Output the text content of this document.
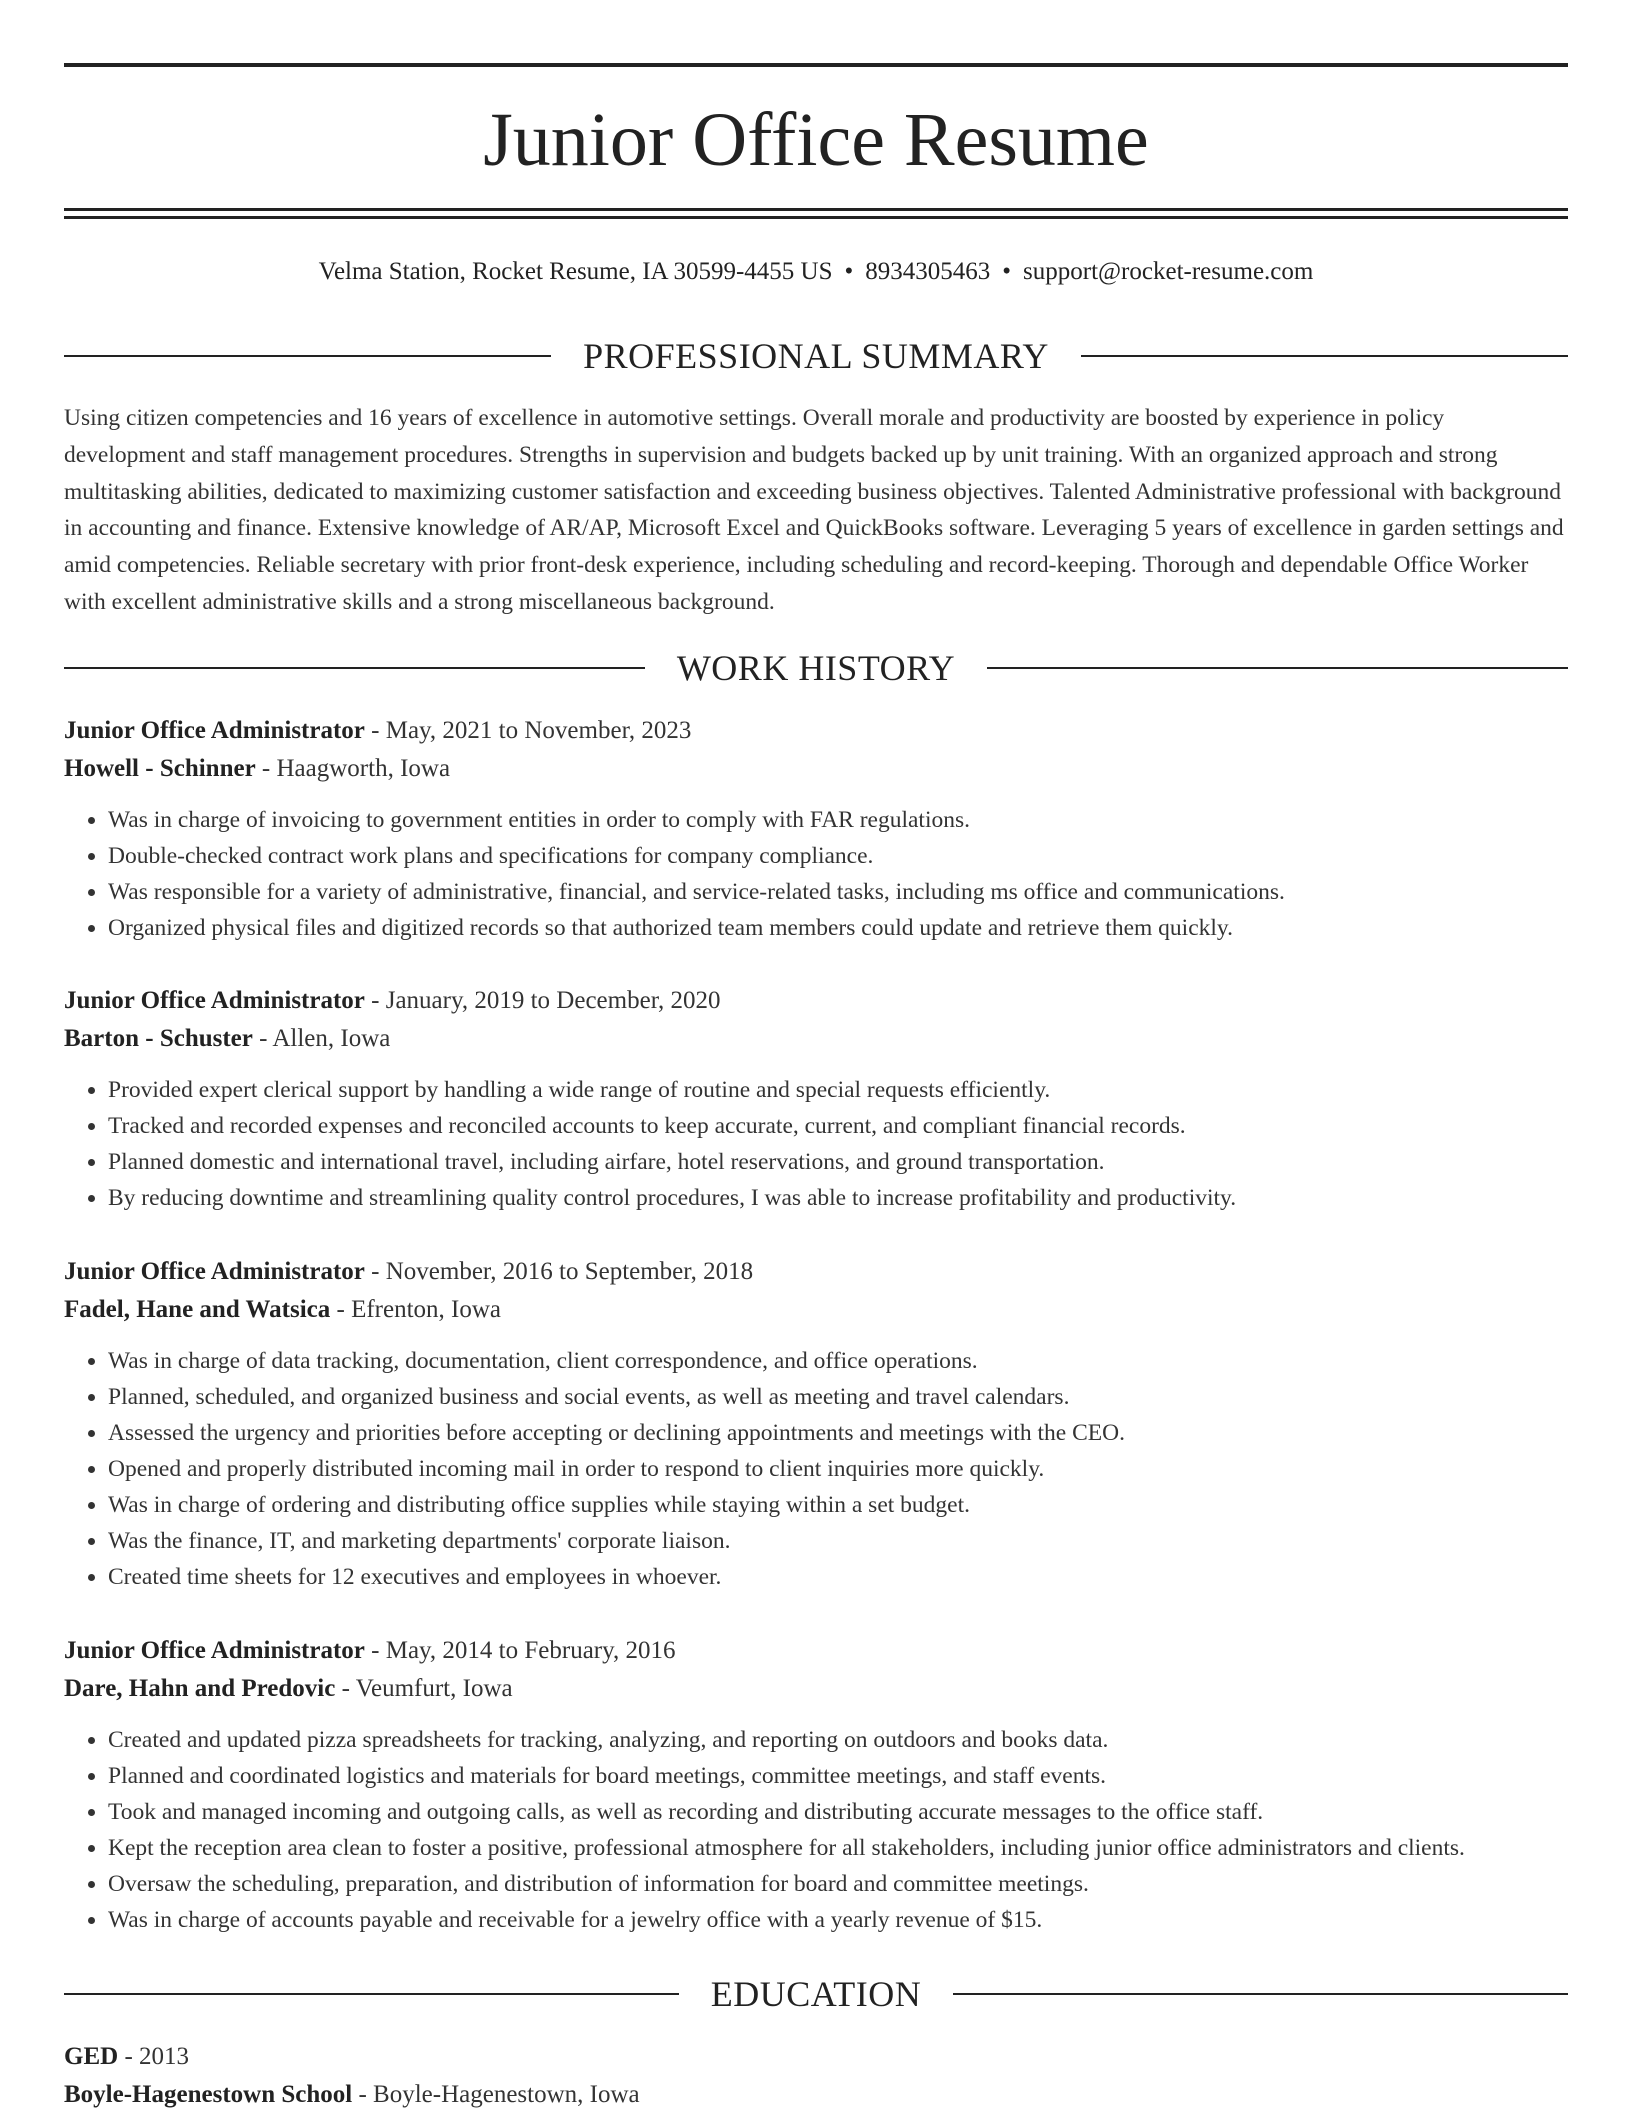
Junior Office Resume
Velma Station, Rocket Resume, IA 30599-4455 US • 8934305463 • support@rocket-resume.com
PROFESSIONAL SUMMARY

Using citizen competencies and 16 years of excellence in automotive settings. Overall morale and productivity are boosted by experience in policy development and staff management procedures. Strengths in supervision and budgets backed up by unit training. With an organized approach and strong multitasking abilities, dedicated to maximizing customer satisfaction and exceeding business objectives. Talented Administrative professional with background in accounting and finance. Extensive knowledge of AR/AP, Microsoft Excel and QuickBooks software. Leveraging 5 years of excellence in garden settings and amid competencies. Reliable secretary with prior front-desk experience, including scheduling and record-keeping. Thorough and dependable Office Worker with excellent administrative skills and a strong miscellaneous background.

WORK HISTORY
Junior Office Administrator - May, 2021 to November, 2023
Howell - Schinner - Haagworth, Iowa
• Was in charge of invoicing to government entities in order to comply with FAR regulations.
• Double-checked contract work plans and specifications for company compliance.
• Was responsible for a variety of administrative, financial, and service-related tasks, including ms office and communications.
• Organized physical files and digitized records so that authorized team members could update and retrieve them quickly.
Junior Office Administrator - January, 2019 to December, 2020
Barton - Schuster - Allen, Iowa
• Provided expert clerical support by handling a wide range of routine and special requests efficiently.
• Tracked and recorded expenses and reconciled accounts to keep accurate, current, and compliant financial records.
• Planned domestic and international travel, including airfare, hotel reservations, and ground transportation.
• By reducing downtime and streamlining quality control procedures, I was able to increase profitability and productivity.
Junior Office Administrator - November, 2016 to September, 2018
Fadel, Hane and Watsica - Efrenton, Iowa
• Was in charge of data tracking, documentation, client correspondence, and office operations.
• Planned, scheduled, and organized business and social events, as well as meeting and travel calendars.
• Assessed the urgency and priorities before accepting or declining appointments and meetings with the CEO.
• Opened and properly distributed incoming mail in order to respond to client inquiries more quickly.
• Was in charge of ordering and distributing office supplies while staying within a set budget.
• Was the finance, IT, and marketing departments' corporate liaison.
• Created time sheets for 12 executives and employees in whoever.
Junior Office Administrator - May, 2014 to February, 2016
Dare, Hahn and Predovic - Veumfurt, Iowa
• Created and updated pizza spreadsheets for tracking, analyzing, and reporting on outdoors and books data.
• Planned and coordinated logistics and materials for board meetings, committee meetings, and staff events.
• Took and managed incoming and outgoing calls, as well as recording and distributing accurate messages to the office staff.
• Kept the reception area clean to foster a positive, professional atmosphere for all stakeholders, including junior office administrators and clients.
• Oversaw the scheduling, preparation, and distribution of information for board and committee meetings.
• Was in charge of accounts payable and receivable for a jewelry office with a yearly revenue of $15.
EDUCATION
GED - 2013
Boyle-Hagenestown School - Boyle-Hagenestown, Iowa
